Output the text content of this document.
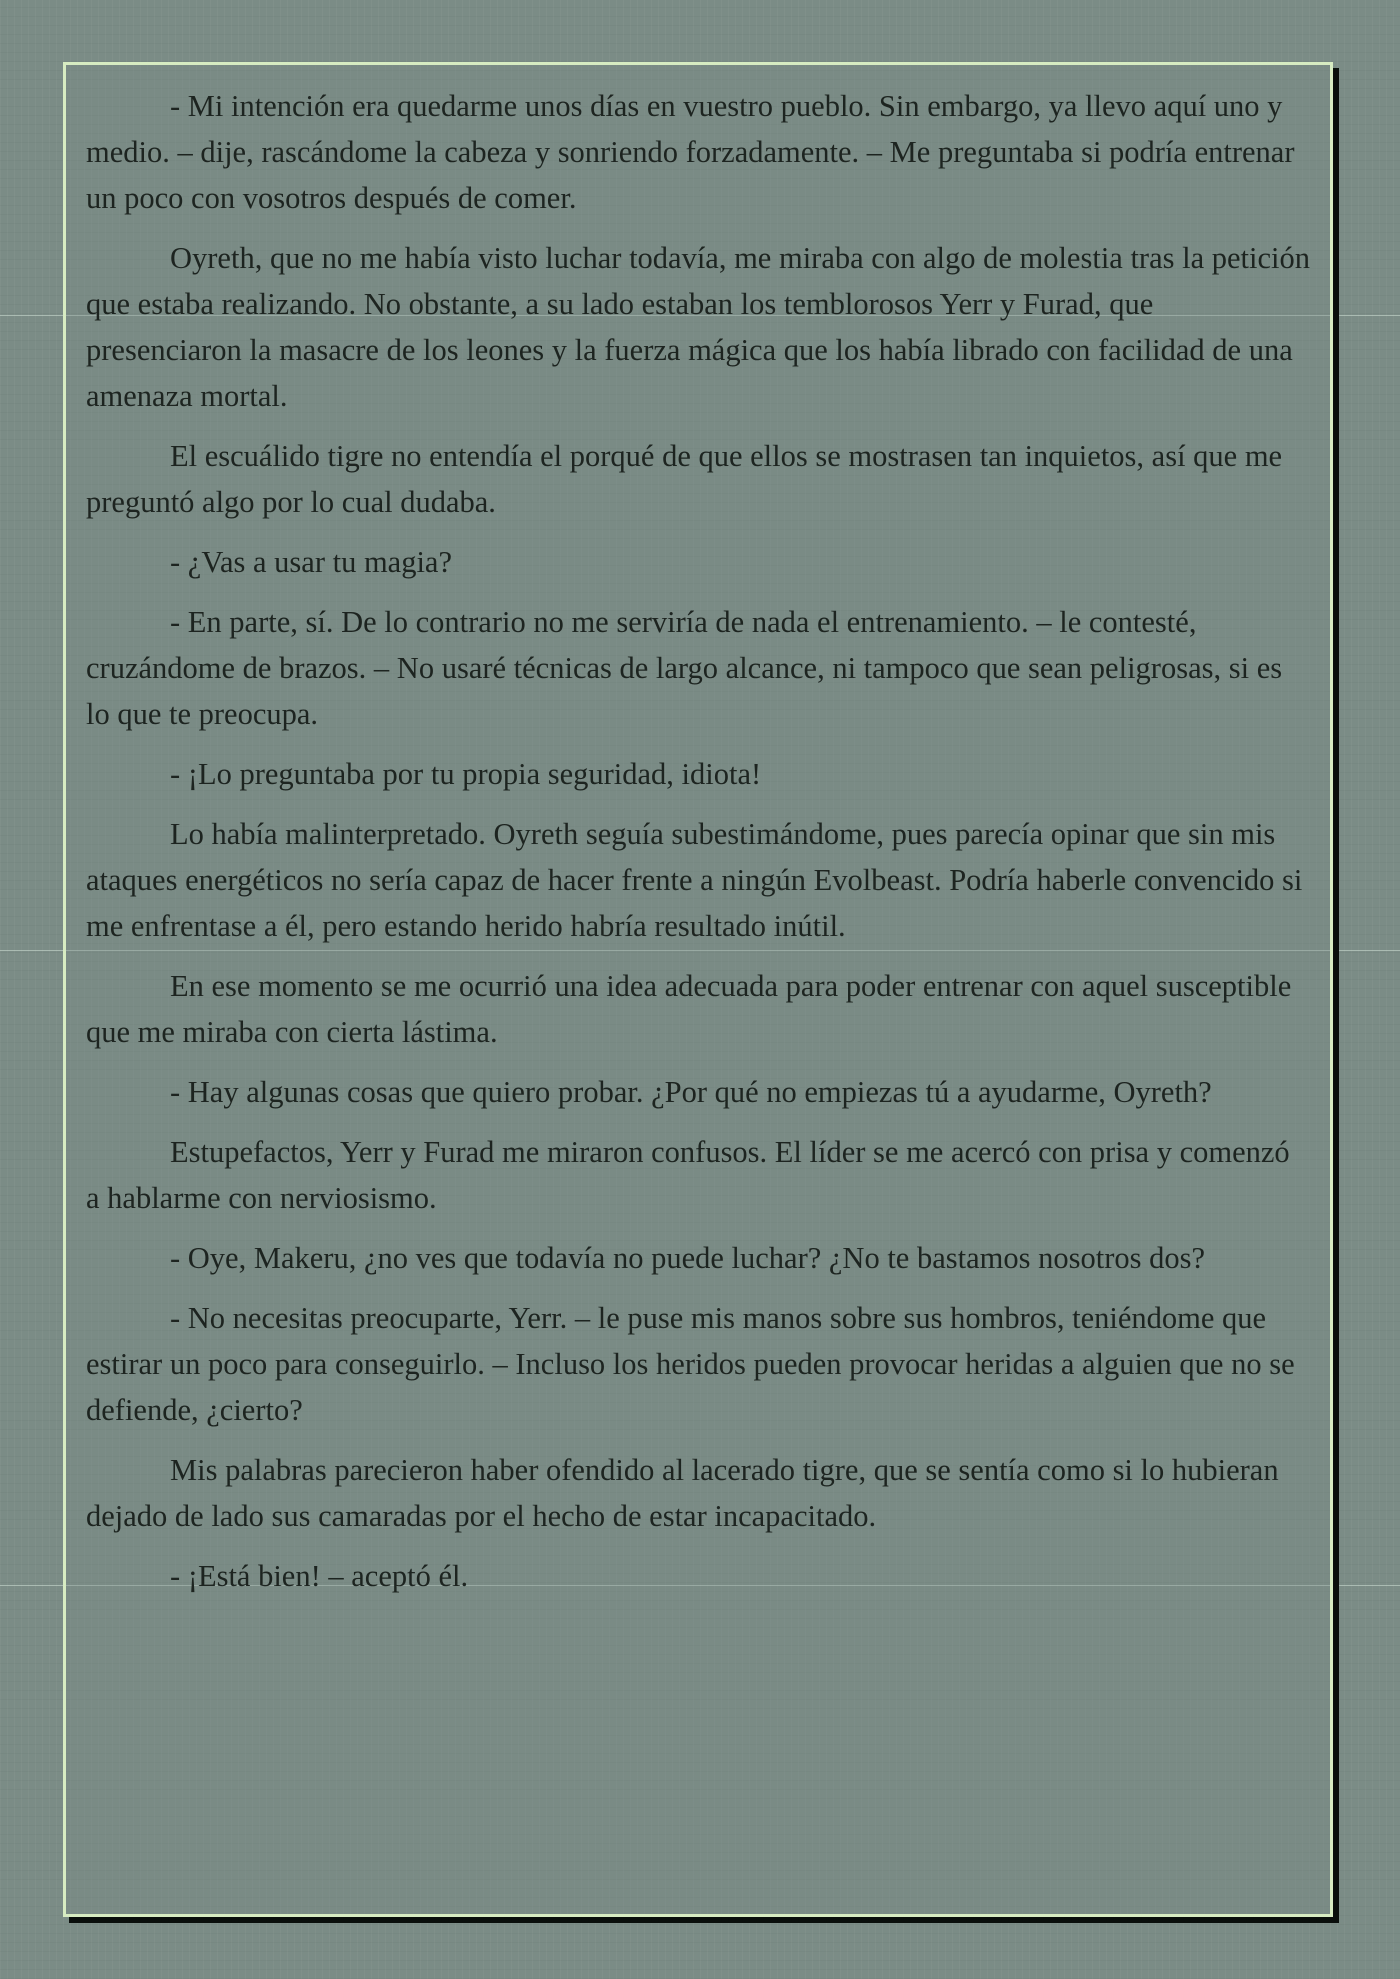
- Mi intención era quedarme unos días en vuestro pueblo. Sin embargo, ya llevo aquí uno y medio. – dije, rascándome la cabeza y sonriendo forzadamente. – Me preguntaba si podría entrenar un poco con vosotros después de comer.

Oyreth, que no me había visto luchar todavía, me miraba con algo de molestia tras la petición que estaba realizando. No obstante, a su lado estaban los temblorosos Yerr y Furad, que presenciaron la masacre de los leones y la fuerza mágica que los había librado con facilidad de una amenaza mortal.

El escuálido tigre no entendía el porqué de que ellos se mostrasen tan inquietos, así que me preguntó algo por lo cual dudaba.

- ¿Vas a usar tu magia?

- En parte, sí. De lo contrario no me serviría de nada el entrenamiento. – le contesté, cruzándome de brazos. – No usaré técnicas de largo alcance, ni tampoco que sean peligrosas, si es lo que te preocupa.

- ¡Lo preguntaba por tu propia seguridad, idiota!

Lo había malinterpretado. Oyreth seguía subestimándome, pues parecía opinar que sin mis ataques energéticos no sería capaz de hacer frente a ningún Evolbeast. Podría haberle convencido si me enfrentase a él, pero estando herido habría resultado inútil.

En ese momento se me ocurrió una idea adecuada para poder entrenar con aquel susceptible que me miraba con cierta lástima.

- Hay algunas cosas que quiero probar. ¿Por qué no empiezas tú a ayudarme, Oyreth?

Estupefactos, Yerr y Furad me miraron confusos. El líder se me acercó con prisa y comenzó a hablarme con nerviosismo.

- Oye, Makeru, ¿no ves que todavía no puede luchar? ¿No te bastamos nosotros dos?

- No necesitas preocuparte, Yerr. – le puse mis manos sobre sus hombros, teniéndome que estirar un poco para conseguirlo. – Incluso los heridos pueden provocar heridas a alguien que no se defiende, ¿cierto?

Mis palabras parecieron haber ofendido al lacerado tigre, que se sentía como si lo hubieran dejado de lado sus camaradas por el hecho de estar incapacitado.

- ¡Está bien! – aceptó él.
